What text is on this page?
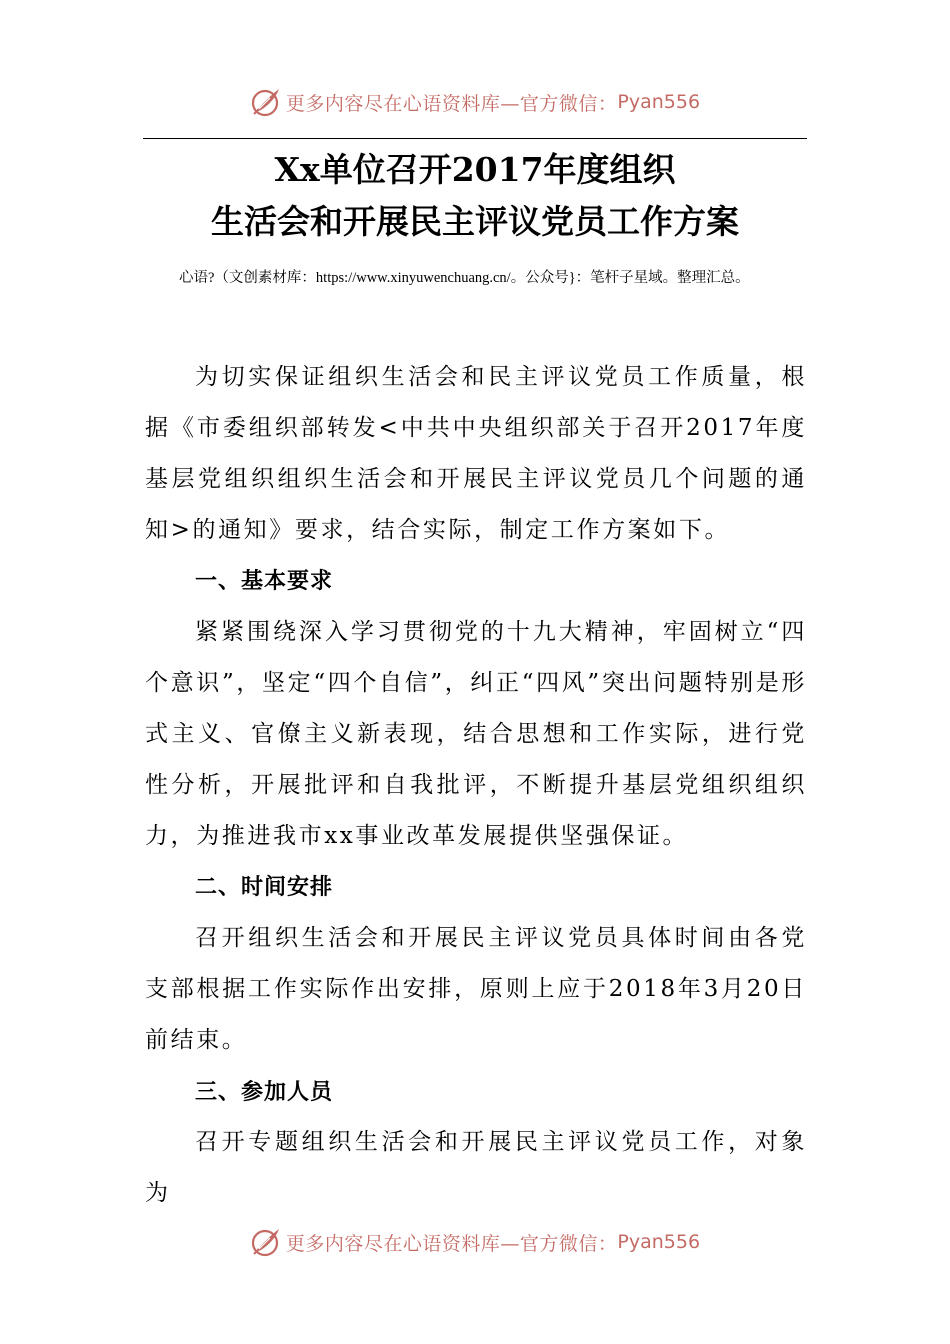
更多内容尽在心语资料库—官方微信： Pyan556
Xx单位召开2017年度组织
生活会和开展民主评议党员工作方案

心语?（文创素材库：https://www.xinyuwenchuang.cn/。公众号}：笔杆子星域。整理汇总。

为切实保证组织生活会和民主评议党员工作质量，根据《市委组织部转发<中共中央组织部关于召开2017年度基层党组织组织生活会和开展民主评议党员几个问题的通知>的通知》要求，结合实际，制定工作方案如下。

一、基本要求

紧紧围绕深入学习贯彻党的十九大精神，牢固树立“四个意识”，坚定“四个自信”，纠正“四风”突出问题特别是形式主义、官僚主义新表现，结合思想和工作实际，进行党性分析，开展批评和自我批评，不断提升基层党组织组织力，为推进我市xx事业改革发展提供坚强保证。

二、时间安排

召开组织生活会和开展民主评议党员具体时间由各党支部根据工作实际作出安排，原则上应于2018年3月20日前结束。

三、参加人员

召开专题组织生活会和开展民主评议党员工作，对象为

更多内容尽在心语资料库—官方微信： Pyan556
